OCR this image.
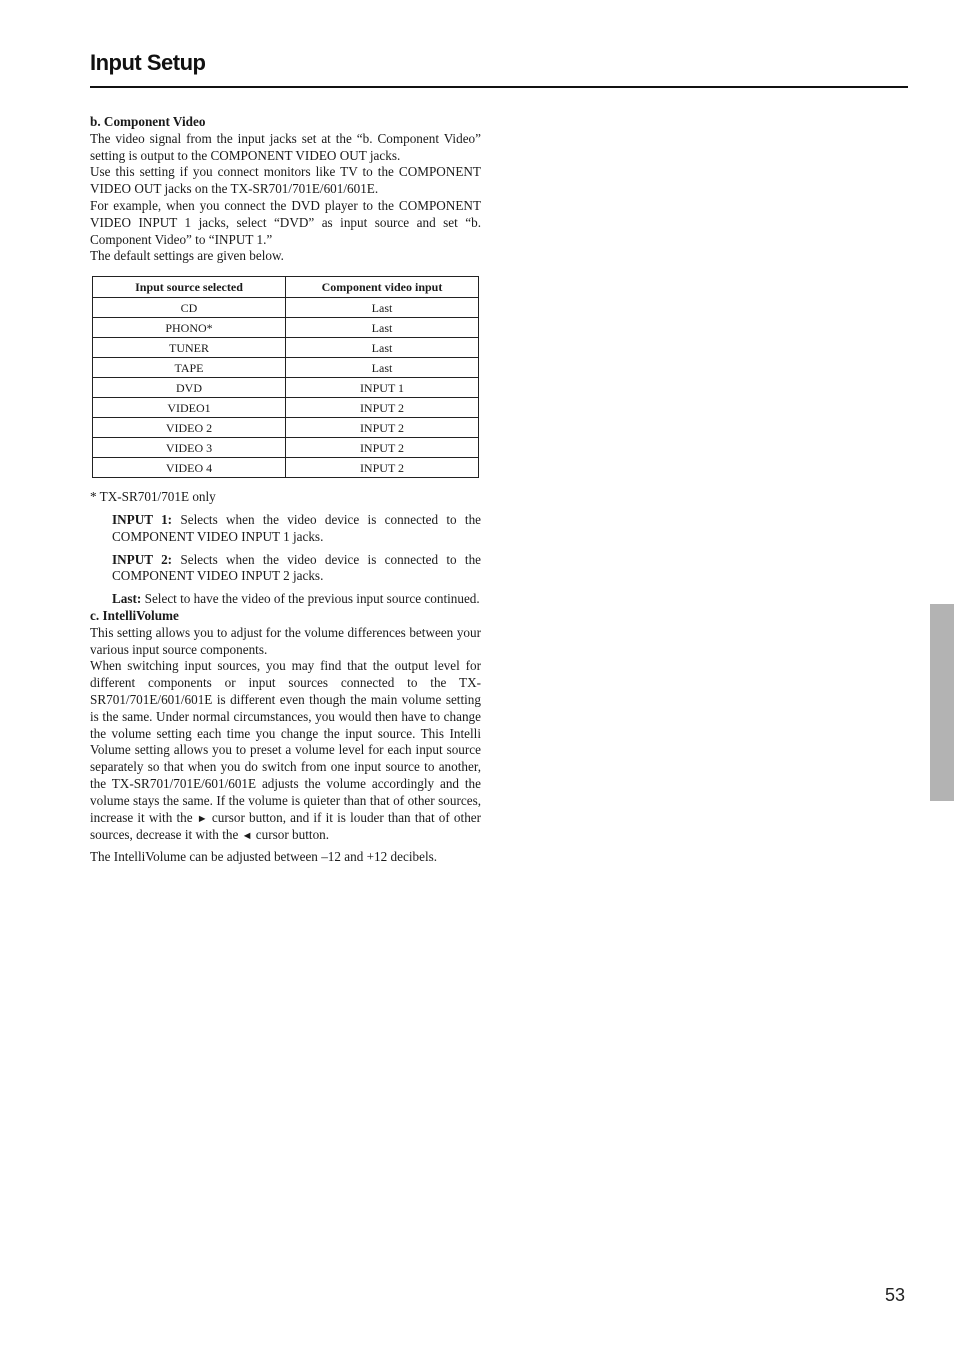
Input Setup

b. Component Video

The video signal from the input jacks set at the “b. Component Video” setting is output to the COMPONENT VIDEO OUT jacks.

Use this setting if you connect monitors like TV to the COMPONENT VIDEO OUT jacks on the TX-SR701/701E/601/601E.

For example, when you connect the DVD player to the COMPONENT VIDEO INPUT 1 jacks, select “DVD” as input source and set “b. Component Video” to “INPUT 1.”

The default settings are given below.

Input source selected	Component video input
CD	Last
PHONO*	Last
TUNER	Last
TAPE	Last
DVD	INPUT 1
VIDEO1	INPUT 2
VIDEO 2	INPUT 2
VIDEO 3	INPUT 2
VIDEO 4	INPUT 2

* TX-SR701/701E only

INPUT 1: Selects when the video device is connected to the COMPONENT VIDEO INPUT 1 jacks.

INPUT 2: Selects when the video device is connected to the COMPONENT VIDEO INPUT 2 jacks.

Last: Select to have the video of the previous input source continued.

c. IntelliVolume

This setting allows you to adjust for the volume differences between your various input source components.

When switching input sources, you may find that the output level for different components or input sources connected to the TX-SR701/701E/601/601E is different even though the main volume setting is the same. Under normal circumstances, you would then have to change the volume setting each time you change the input source. This Intelli Volume setting allows you to preset a volume level for each input source separately so that when you do switch from one input source to another, the TX-SR701/701E/601/601E adjusts the volume accordingly and the volume stays the same. If the volume is quieter than that of other sources, increase it with the ► cursor button, and if it is louder than that of other sources, decrease it with the ◄ cursor button.

The IntelliVolume can be adjusted between –12 and +12 decibels.

53
